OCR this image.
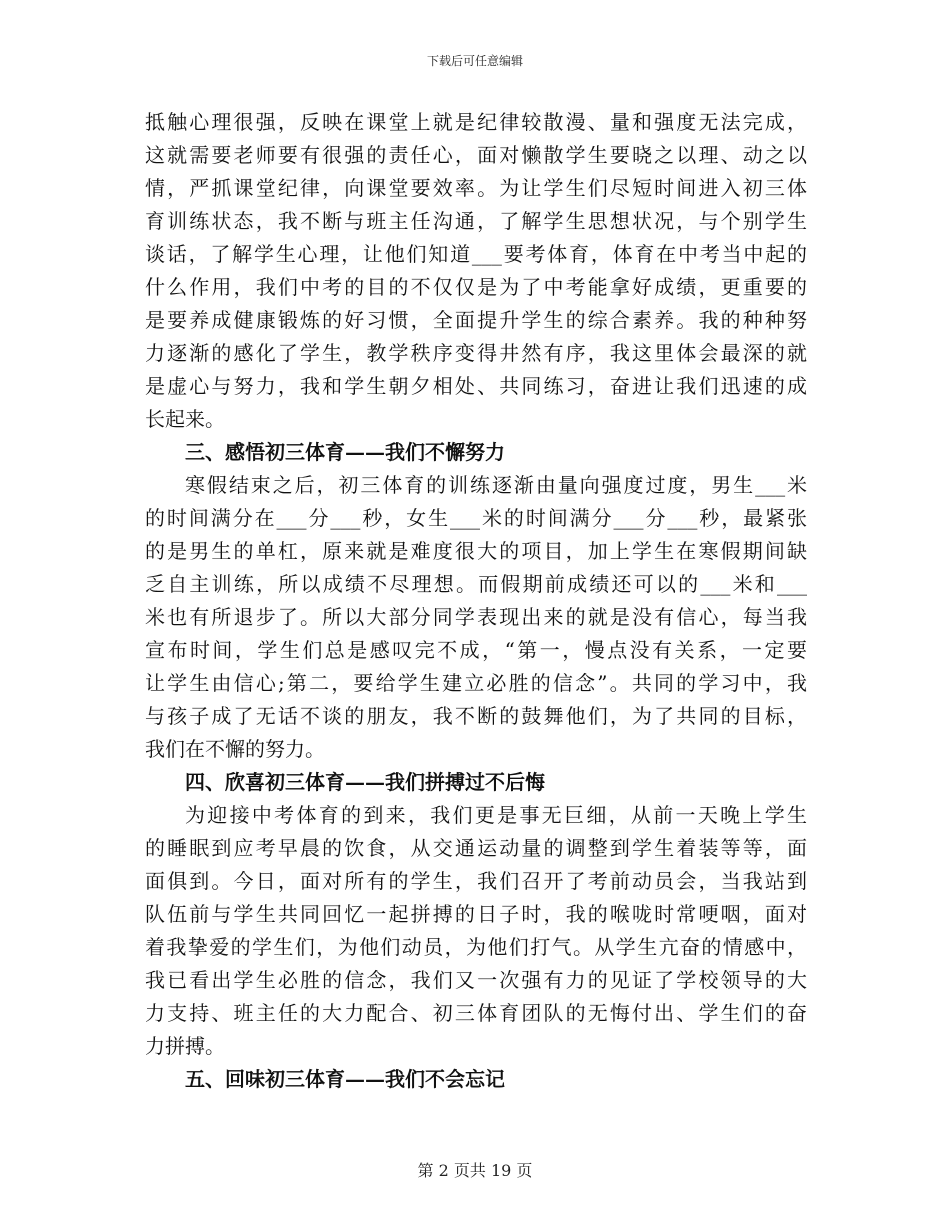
下载后可任意编辑
抵触心理很强，反映在课堂上就是纪律较散漫、量和强度无法完成，
这就需要老师要有很强的责任心，面对懒散学生要晓之以理、动之以
情，严抓课堂纪律，向课堂要效率。为让学生们尽短时间进入初三体
育训练状态，我不断与班主任沟通，了解学生思想状况，与个别学生
谈话，了解学生心理，让他们知道___要考体育，体育在中考当中起的
什么作用，我们中考的目的不仅仅是为了中考能拿好成绩，更重要的
是要养成健康锻炼的好习惯，全面提升学生的综合素养。我的种种努
力逐渐的感化了学生，教学秩序变得井然有序，我这里体会最深的就
是虚心与努力，我和学生朝夕相处、共同练习，奋进让我们迅速的成
长起来。
三、感悟初三体育——我们不懈努力
寒假结束之后，初三体育的训练逐渐由量向强度过度，男生___米
的时间满分在___分___秒，女生___米的时间满分___分___秒，最紧张
的是男生的单杠，原来就是难度很大的项目，加上学生在寒假期间缺
乏自主训练，所以成绩不尽理想。而假期前成绩还可以的___米和___
米也有所退步了。所以大部分同学表现出来的就是没有信心，每当我
宣布时间，学生们总是感叹完不成，“第一，慢点没有关系，一定要
让学生由信心;第二，要给学生建立必胜的信念”。共同的学习中，我
与孩子成了无话不谈的朋友，我不断的鼓舞他们，为了共同的目标，
我们在不懈的努力。
四、欣喜初三体育——我们拼搏过不后悔
为迎接中考体育的到来，我们更是事无巨细，从前一天晚上学生
的睡眠到应考早晨的饮食，从交通运动量的调整到学生着装等等，面
面俱到。今日，面对所有的学生，我们召开了考前动员会，当我站到
队伍前与学生共同回忆一起拼搏的日子时，我的喉咙时常哽咽，面对
着我挚爱的学生们，为他们动员，为他们打气。从学生亢奋的情感中，
我已看出学生必胜的信念，我们又一次强有力的见证了学校领导的大
力支持、班主任的大力配合、初三体育团队的无悔付出、学生们的奋
力拼搏。
五、回味初三体育——我们不会忘记
第 2 页共 19 页
